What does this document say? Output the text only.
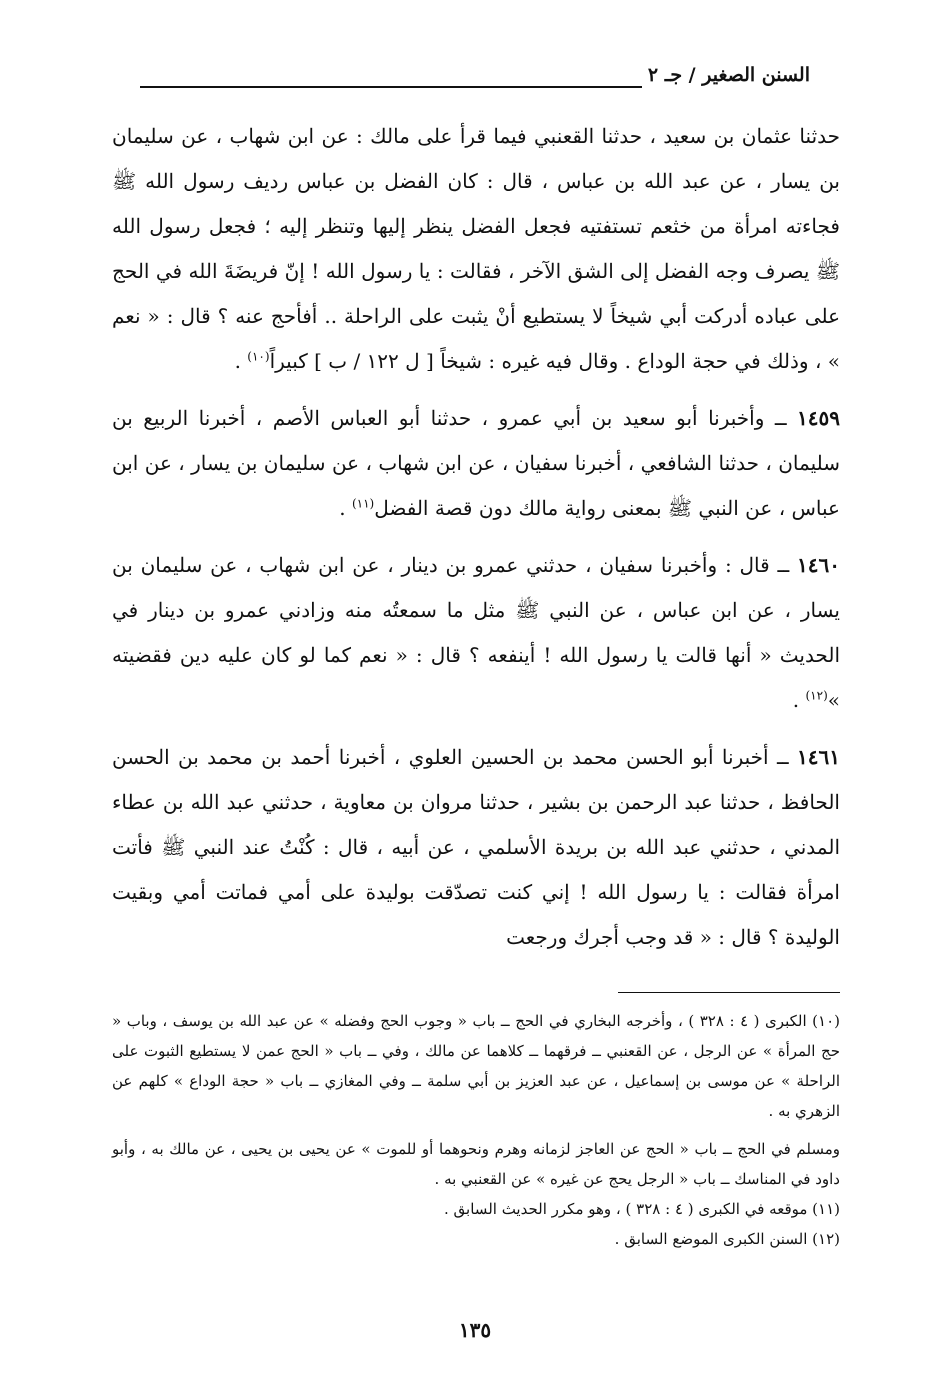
السنن الصغير / جـ ٢

حدثنا عثمان بن سعيد ، حدثنا القعنبي فيما قرأ على مالك : عن ابن شهاب ، عن سليمان بن يسار ، عن عبد الله بن عباس ، قال : كان الفضل بن عباس رديف رسول الله ﷺ فجاءته امرأة من خثعم تستفتيه فجعل الفضل ينظر إليها وتنظر إليه ؛ فجعل رسول الله ﷺ يصرف وجه الفضل إلى الشق الآخر ، فقالت : يا رسول الله ! إنّ فريضَةَ الله في الحج على عباده أدركت أبي شيخاً لا يستطيع أنْ يثبت على الراحلة .. أفأحج عنه ؟ قال : « نعم » ، وذلك في حجة الوداع . وقال فيه غيره : شيخاً [ ل ١٢٢ / ب ] كبيراً$^{(١٠)}$ .

١٤٥٩ ــ وأخبرنا أبو سعيد بن أبي عمرو ، حدثنا أبو العباس الأصم ، أخبرنا الربيع بن سليمان ، حدثنا الشافعي ، أخبرنا سفيان ، عن ابن شهاب ، عن سليمان بن يسار ، عن ابن عباس ، عن النبي ﷺ بمعنى رواية مالك دون قصة الفضل$^{(١١)}$ .

١٤٦٠ ــ قال : وأخبرنا سفيان ، حدثني عمرو بن دينار ، عن ابن شهاب ، عن سليمان بن يسار ، عن ابن عباس ، عن النبي ﷺ مثل ما سمعتُه منه وزادني عمرو بن دينار في الحديث « أنها قالت يا رسول الله ! أينفعه ؟ قال : « نعم كما لو كان عليه دين فقضيته »$^{(١٢)}$ .

١٤٦١ ــ أخبرنا أبو الحسن محمد بن الحسين العلوي ، أخبرنا أحمد بن محمد بن الحسن الحافظ ، حدثنا عبد الرحمن بن بشير ، حدثنا مروان بن معاوية ، حدثني عبد الله بن عطاء المدني ، حدثني عبد الله بن بريدة الأسلمي ، عن أبيه ، قال : كُنْتُ عند النبي ﷺ فأتت امرأة فقالت : يا رسول الله ! إني كنت تصدّقت بوليدة على أمي فماتت أمي وبقيت الوليدة ؟ قال : « قد وجب أجرك ورجعت

(١٠) الكبرى ( ٤ : ٣٢٨ ) ، وأخرجه البخاري في الحج ــ باب « وجوب الحج وفضله » عن عبد الله بن يوسف ، وباب « حج المرأة » عن الرجل ، عن القعنبي ــ فرقهما ــ كلاهما عن مالك ، وفي ــ باب « الحج عمن لا يستطيع الثبوت على الراحلة » عن موسى بن إسماعيل ، عن عبد العزيز بن أبي سلمة ــ وفي المغازي ــ باب « حجة الوداع » كلهم عن الزهري به .

ومسلم في الحج ــ باب « الحج عن العاجز لزمانه وهرم ونحوهما أو للموت » عن يحيى بن يحيى ، عن مالك به ، وأبو داود في المناسك ــ باب « الرجل يحج عن غيره » عن القعنبي به .

(١١) موقعه في الكبرى ( ٤ : ٣٢٨ ) ، وهو مكرر الحديث السابق .

(١٢) السنن الكبرى الموضع السابق .

١٣٥
